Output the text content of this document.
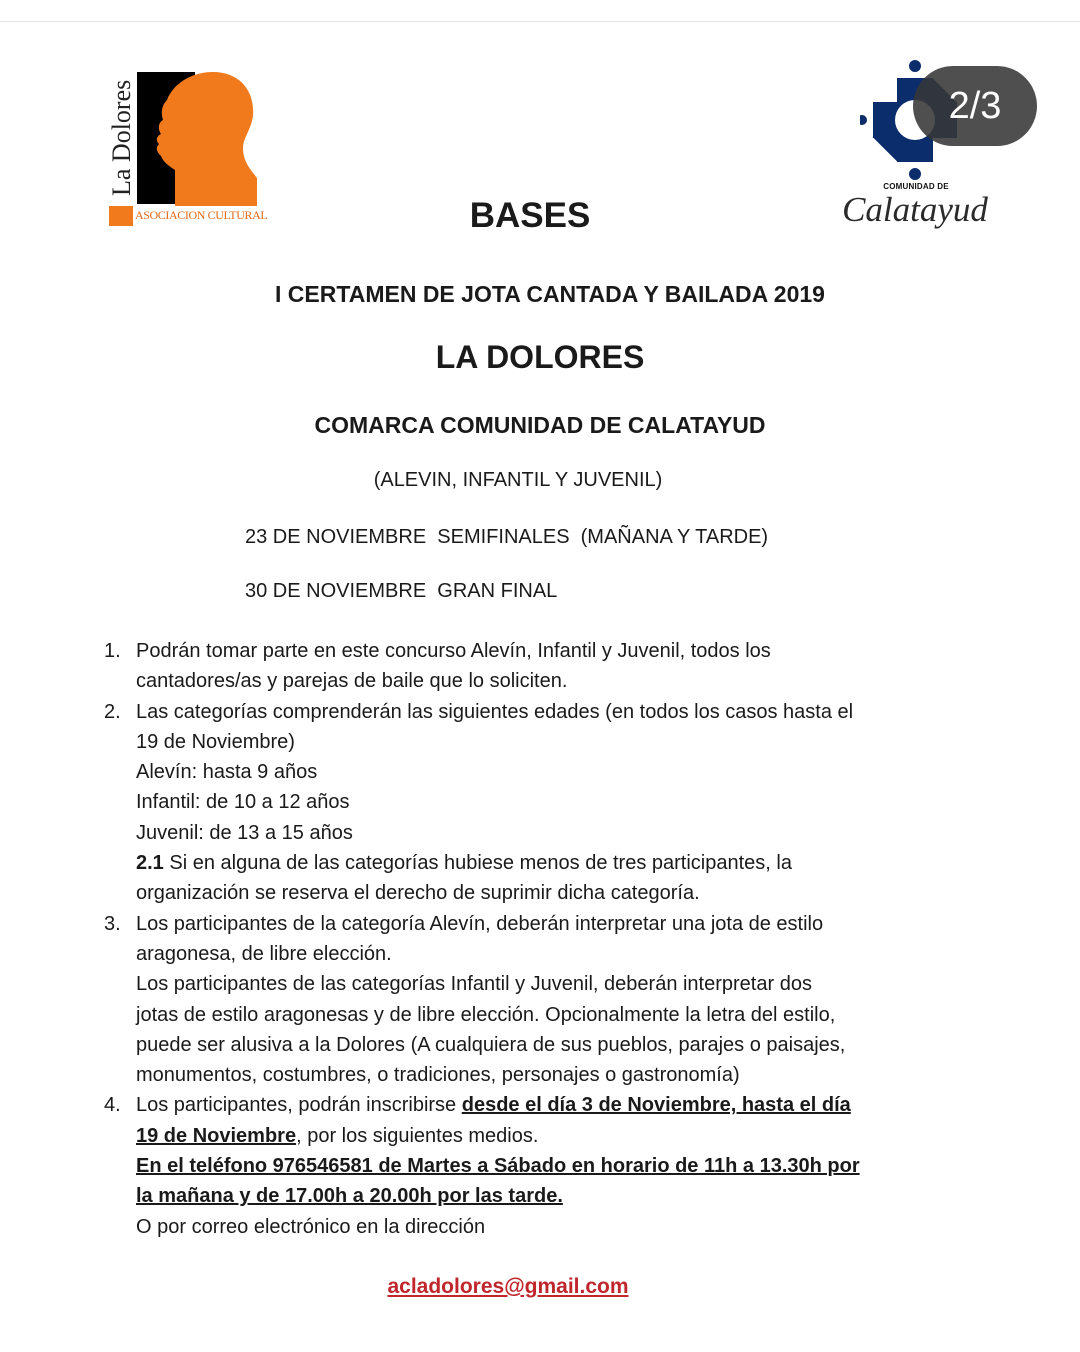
La Dolores
ASOCIACION CULTURAL
COMUNIDAD DE
Calatayud
2/3
BASES
I CERTAMEN DE JOTA CANTADA Y BAILADA 2019
LA DOLORES
COMARCA COMUNIDAD DE CALATAYUD
(ALEVIN, INFANTIL Y JUVENIL)
23 DE NOVIEMBRE  SEMIFINALES  (MAÑANA Y TARDE)
30 DE NOVIEMBRE  GRAN FINAL
1. Podrán tomar parte en este concurso Alevín, Infantil y Juvenil, todos los
cantadores/as y parejas de baile que lo soliciten.
2. Las categorías comprenderán las siguientes edades (en todos los casos hasta el
19 de Noviembre)
Alevín: hasta 9 años
Infantil: de 10 a 12 años
Juvenil: de 13 a 15 años
2.1 Si en alguna de las categorías hubiese menos de tres participantes, la
organización se reserva el derecho de suprimir dicha categoría.
3. Los participantes de la categoría Alevín, deberán interpretar una jota de estilo
aragonesa, de libre elección.
Los participantes de las categorías Infantil y Juvenil, deberán interpretar dos
jotas de estilo aragonesas y de libre elección. Opcionalmente la letra del estilo,
puede ser alusiva a la Dolores (A cualquiera de sus pueblos, parajes o paisajes,
monumentos, costumbres, o tradiciones, personajes o gastronomía)
4. Los participantes, podrán inscribirse desde el día 3 de Noviembre, hasta el día
19 de Noviembre, por los siguientes medios.
En el teléfono 976546581 de Martes a Sábado en horario de 11h a 13.30h por
la mañana y de 17.00h a 20.00h por las tarde.
O por correo electrónico en la dirección
acladolores@gmail.com
